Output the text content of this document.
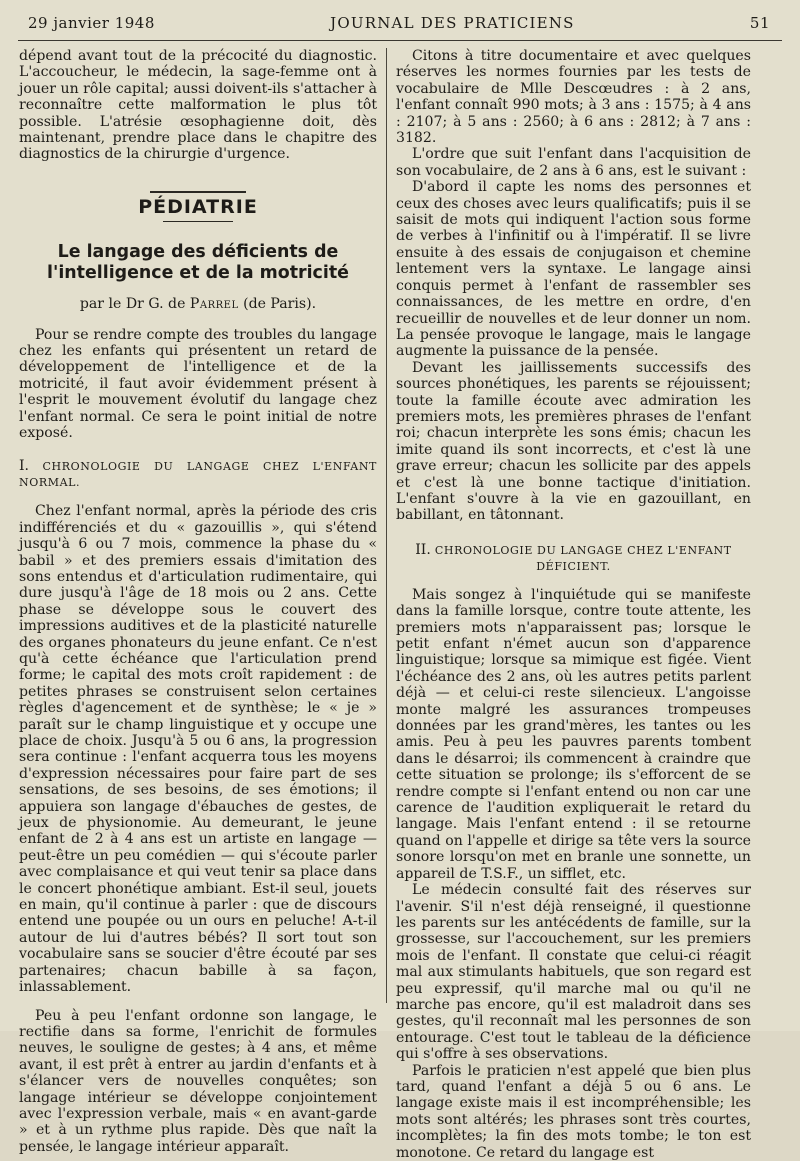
29 janvier 1948	JOURNAL DES PRATICIENS	51

dépend avant tout de la précocité du diagnostic. L'accoucheur, le médecin, la sage-femme ont à jouer un rôle capital; aussi doivent-ils s'attacher à reconnaître cette malformation le plus tôt possible. L'atrésie œsophagienne doit, dès maintenant, prendre place dans le chapitre des diagnostics de la chirurgie d'urgence.

PÉDIATRIE
Le langage des déficients de l'intelligence et de la motricité
par le Dr G. de Parrel (de Paris).

Pour se rendre compte des troubles du langage chez les enfants qui présentent un retard de développement de l'intelligence et de la motricité, il faut avoir évidemment présent à l'esprit le mouvement évolutif du langage chez l'enfant normal. Ce sera le point initial de notre exposé.

I. CHRONOLOGIE DU LANGAGE CHEZ L'ENFANT NORMAL.

Chez l'enfant normal, après la période des cris indifférenciés et du « gazouillis », qui s'étend jusqu'à 6 ou 7 mois, commence la phase du « babil » et des premiers essais d'imitation des sons entendus et d'articulation rudimentaire, qui dure jusqu'à l'âge de 18 mois ou 2 ans. Cette phase se développe sous le couvert des impressions auditives et de la plasticité naturelle des organes phonateurs du jeune enfant. Ce n'est qu'à cette échéance que l'articulation prend forme; le capital des mots croît rapidement : de petites phrases se construisent selon certaines règles d'agencement et de synthèse; le « je » paraît sur le champ linguistique et y occupe une place de choix. Jusqu'à 5 ou 6 ans, la progression sera continue : l'enfant acquerra tous les moyens d'expression nécessaires pour faire part de ses sensations, de ses besoins, de ses émotions; il appuiera son langage d'ébauches de gestes, de jeux de physionomie. Au demeurant, le jeune enfant de 2 à 4 ans est un artiste en langage — peut-être un peu comédien — qui s'écoute parler avec complaisance et qui veut tenir sa place dans le concert phonétique ambiant. Est-il seul, jouets en main, qu'il continue à parler : que de discours entend une poupée ou un ours en peluche! A-t-il autour de lui d'autres bébés? Il sort tout son vocabulaire sans se soucier d'être écouté par ses partenaires; chacun babille à sa façon, inlassablement.

Peu à peu l'enfant ordonne son langage, le rectifie dans sa forme, l'enrichit de formules neuves, le souligne de gestes; à 4 ans, et même avant, il est prêt à entrer au jardin d'enfants et à s'élancer vers de nouvelles conquêtes; son langage intérieur se développe conjointement avec l'expression verbale, mais « en avant-garde » et à un rythme plus rapide. Dès que naît la pensée, le langage intérieur apparaît.

Citons à titre documentaire et avec quelques réserves les normes fournies par les tests de vocabulaire de Mlle Descœudres : à 2 ans, l'enfant connaît 990 mots; à 3 ans : 1575; à 4 ans : 2107; à 5 ans : 2560; à 6 ans : 2812; à 7 ans : 3182.

L'ordre que suit l'enfant dans l'acquisition de son vocabulaire, de 2 ans à 6 ans, est le suivant :

D'abord il capte les noms des personnes et ceux des choses avec leurs qualificatifs; puis il se saisit de mots qui indiquent l'action sous forme de verbes à l'infinitif ou à l'impératif. Il se livre ensuite à des essais de conjugaison et chemine lentement vers la syntaxe. Le langage ainsi conquis permet à l'enfant de rassembler ses connaissances, de les mettre en ordre, d'en recueillir de nouvelles et de leur donner un nom. La pensée provoque le langage, mais le langage augmente la puissance de la pensée.

Devant les jaillissements successifs des sources phonétiques, les parents se réjouissent; toute la famille écoute avec admiration les premiers mots, les premières phrases de l'enfant roi; chacun interprète les sons émis; chacun les imite quand ils sont incorrects, et c'est là une grave erreur; chacun les sollicite par des appels et c'est là une bonne tactique d'initiation. L'enfant s'ouvre à la vie en gazouillant, en babillant, en tâtonnant.

II. CHRONOLOGIE DU LANGAGE CHEZ L'ENFANT DÉFICIENT.

Mais songez à l'inquiétude qui se manifeste dans la famille lorsque, contre toute attente, les premiers mots n'apparaissent pas; lorsque le petit enfant n'émet aucun son d'apparence linguistique; lorsque sa mimique est figée. Vient l'échéance des 2 ans, où les autres petits parlent déjà — et celui-ci reste silencieux. L'angoisse monte malgré les assurances trompeuses données par les grand'mères, les tantes ou les amis. Peu à peu les pauvres parents tombent dans le désarroi; ils commencent à craindre que cette situation se prolonge; ils s'efforcent de se rendre compte si l'enfant entend ou non car une carence de l'audition expliquerait le retard du langage. Mais l'enfant entend : il se retourne quand on l'appelle et dirige sa tête vers la source sonore lorsqu'on met en branle une sonnette, un appareil de T.S.F., un sifflet, etc.

Le médecin consulté fait des réserves sur l'avenir. S'il n'est déjà renseigné, il questionne les parents sur les antécédents de famille, sur la grossesse, sur l'accouchement, sur les premiers mois de l'enfant. Il constate que celui-ci réagit mal aux stimulants habituels, que son regard est peu expressif, qu'il marche mal ou qu'il ne marche pas encore, qu'il est maladroit dans ses gestes, qu'il reconnaît mal les personnes de son entourage. C'est tout le tableau de la déficience qui s'offre à ses observations.

Parfois le praticien n'est appelé que bien plus tard, quand l'enfant a déjà 5 ou 6 ans. Le langage existe mais il est incompréhensible; les mots sont altérés; les phrases sont très courtes, incomplètes; la fin des mots tombe; le ton est monotone. Ce retard du langage est
